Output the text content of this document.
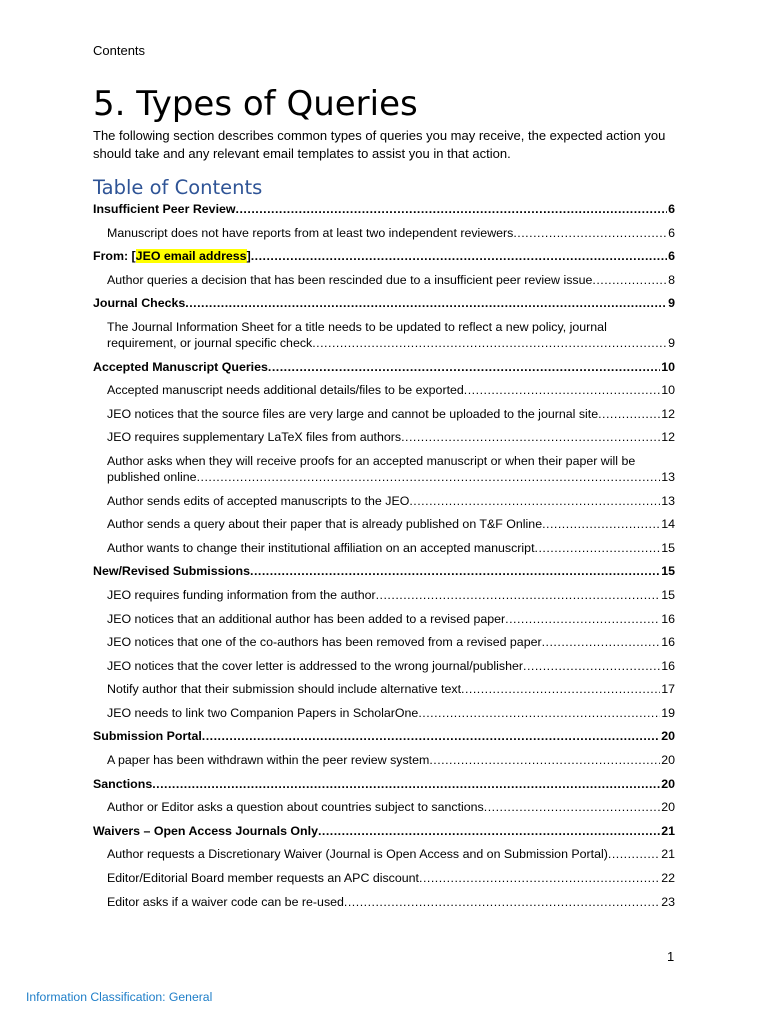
Contents
5. Types of Queries

The following section describes common types of queries you may receive, the expected action you should take and any relevant email templates to assist you in that action.

Table of Contents
Insufficient Peer Review .....	6
Manuscript does not have reports from at least two independent reviewers .....	6
From: [JEO email address] .....	6
Author queries a decision that has been rescinded due to a insufficient peer review issue .....	8
Journal Checks .....	9
The Journal Information Sheet for a title needs to be updated to reflect a new policy, journal
requirement, or journal specific check .....	9
Accepted Manuscript Queries .....	10
Accepted manuscript needs additional details/files to be exported .....	10
JEO notices that the source files are very large and cannot be uploaded to the journal site .....	12
JEO requires supplementary LaTeX files from authors .....	12
Author asks when they will receive proofs for an accepted manuscript or when their paper will be
published online .....	13
Author sends edits of accepted manuscripts to the JEO .....	13
Author sends a query about their paper that is already published on T&F Online .....	14
Author wants to change their institutional affiliation on an accepted manuscript .....	15
New/Revised Submissions .....	15
JEO requires funding information from the author .....	15
JEO notices that an additional author has been added to a revised paper .....	16
JEO notices that one of the co-authors has been removed from a revised paper .....	16
JEO notices that the cover letter is addressed to the wrong journal/publisher .....	16
Notify author that their submission should include alternative text .....	17
JEO needs to link two Companion Papers in ScholarOne .....	19
Submission Portal .....	20
A paper has been withdrawn within the peer review system .....	20
Sanctions .....	20
Author or Editor asks a question about countries subject to sanctions .....	20
Waivers – Open Access Journals Only .....	21
Author requests a Discretionary Waiver (Journal is Open Access and on Submission Portal) .....	21
Editor/Editorial Board member requests an APC discount .....	22
Editor asks if a waiver code can be re-used .....	23
1
Information Classification: General
